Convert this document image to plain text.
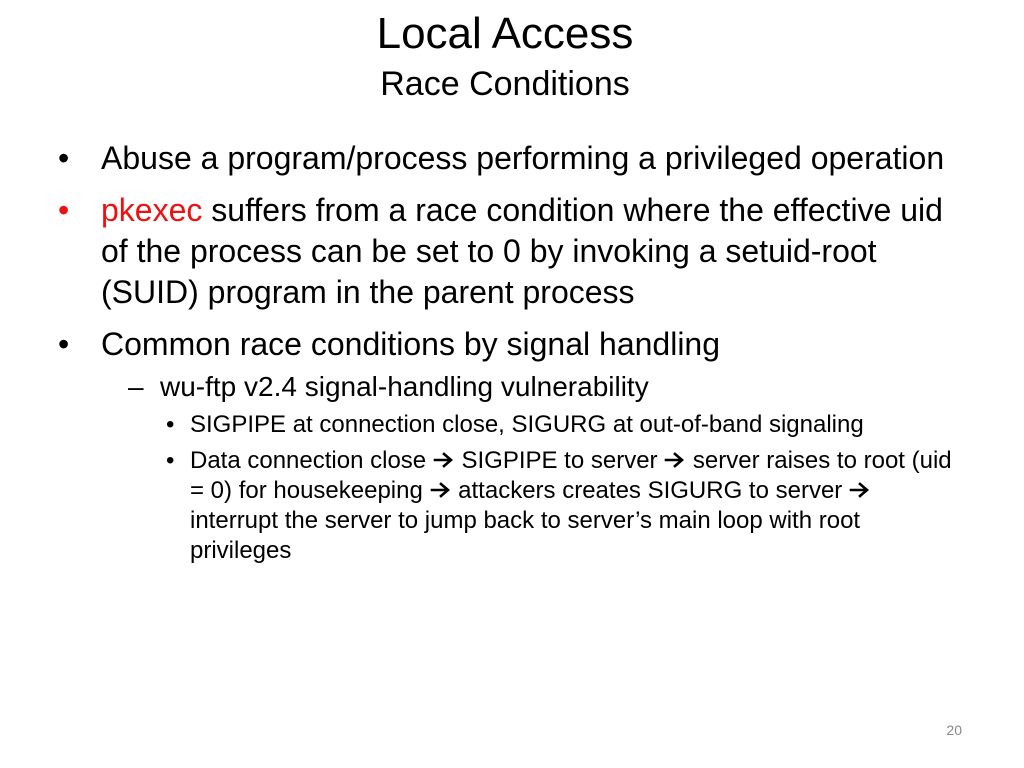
Local Access
Race Conditions
• Abuse a program/process performing a privileged operation
• pkexec suffers from a race condition where the effective uid of the process can be set to 0 by invoking a setuid-root (SUID) program in the parent process
• Common race conditions by signal handling
– wu-ftp v2.4 signal-handling vulnerability
• SIGPIPE at connection close, SIGURG at out-of-band signaling
• Data connection close  SIGPIPE to server  server raises to root (uid = 0) for housekeeping  attackers creates SIGURG to server  interrupt the server to jump back to server’s main loop with root privileges
20
